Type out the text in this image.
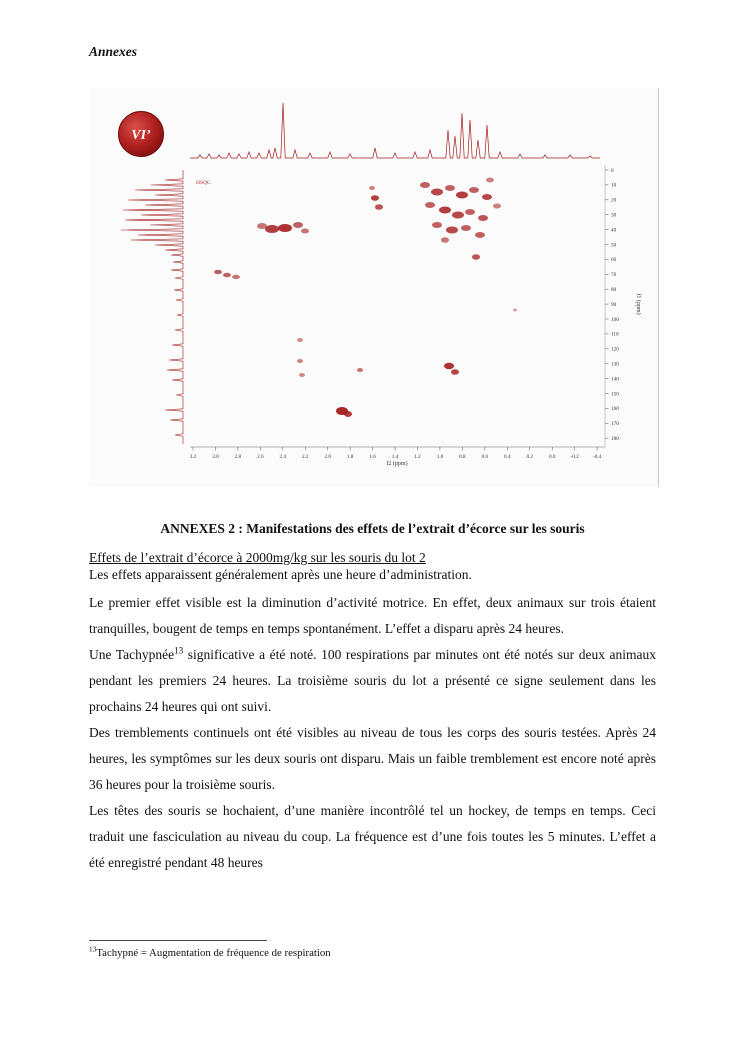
Annexes
VI’
HSQC
3.2	3.0	2.8	2.6	2.4	2.2	2.0	1.8	1.6	1.4	1.2	1.0	0.8	0.6	0.4	0.2	0.0	-0.2	-0.4
0
10
20
30
40
50
60
70
80
90
100
110
120
130
140
150
160
170
180
f2 (ppm)
f1 (ppm)
ANNEXES 2 : Manifestations des effets de l’extrait d’écorce sur les souris
Effets de l’extrait d’écorce à 2000mg/kg sur les souris du lot 2

Les effets apparaissent généralement après une heure d’administration.

Le premier effet visible est la diminution d’activité motrice. En effet, deux animaux sur trois étaient tranquilles, bougent de temps en temps spontanément. L’effet a disparu après 24 heures.

Une Tachypnée$^{13}$ significative a été noté. 100 respirations par minutes ont été notés sur deux animaux pendant les premiers 24 heures. La troisième souris du lot a présenté ce signe seulement dans les prochains 24 heures qui ont suivi.

Des tremblements continuels ont été visibles au niveau de tous les corps des souris testées. Après 24 heures, les symptômes sur les deux souris ont disparu. Mais un faible tremblement est encore noté après 36 heures pour la troisième souris.

Les têtes des souris se hochaient, d’une manière incontrôlé tel un hockey, de temps en temps. Ceci traduit une fasciculation au niveau du coup. La fréquence est d’une fois toutes les 5 minutes. L’effet a été enregistré pendant 48 heures

$^{13}$Tachypné = Augmentation de fréquence de respiration
